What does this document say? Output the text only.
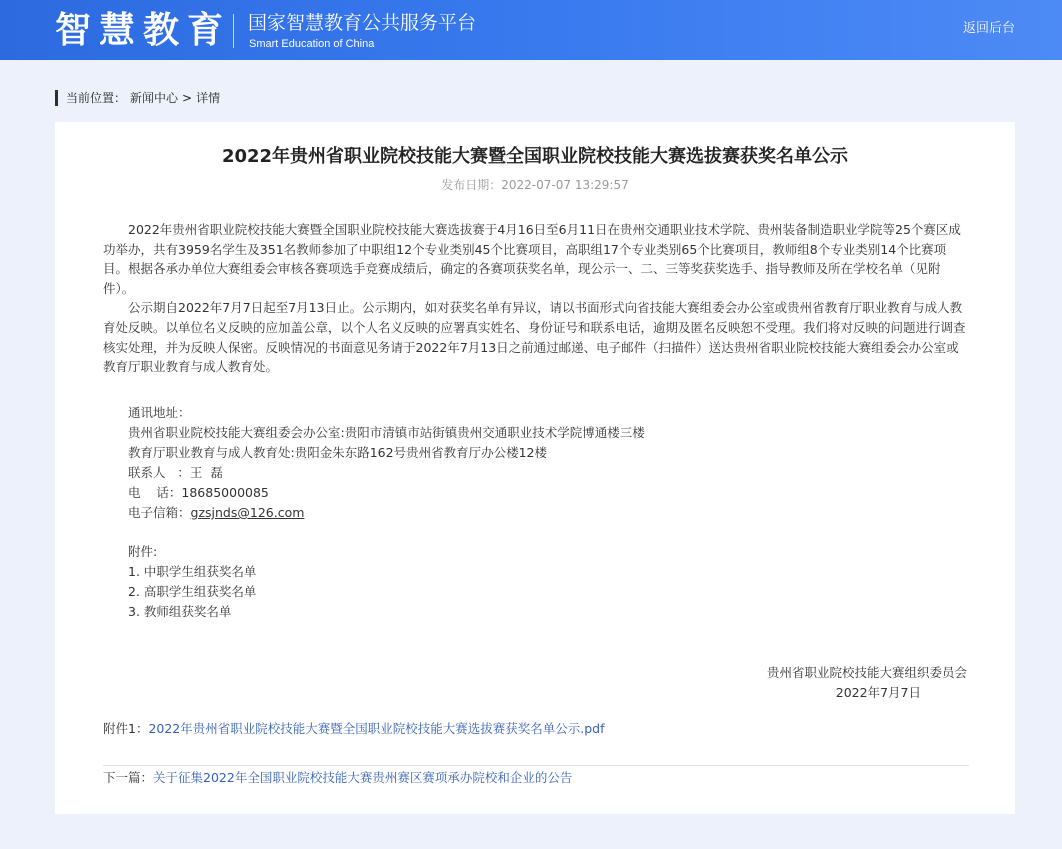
智慧教育 国家智慧教育公共服务平台
Smart Education of China
返回后台
当前位置： 新闻中心 > 详情
2022年贵州省职业院校技能大赛暨全国职业院校技能大赛选拔赛获奖名单公示
发布日期：2022-07-07 13:29:57

2022年贵州省职业院校技能大赛暨全国职业院校技能大赛选拔赛于4月16日至6月11日在贵州交通职业技术学院、贵州装备制造职业学院等25个赛区成功举办，共有3959名学生及351名教师参加了中职组12个专业类别45个比赛项目，高职组17个专业类别65个比赛项目，教师组8个专业类别14个比赛项目。根据各承办单位大赛组委会审核各赛项选手竞赛成绩后，确定的各赛项获奖名单，现公示一、二、三等奖获奖选手、指导教师及所在学校名单（见附件）。

公示期自2022年7月7日起至7月13日止。公示期内，如对获奖名单有异议，请以书面形式向省技能大赛组委会办公室或贵州省教育厅职业教育与成人教育处反映。以单位名义反映的应加盖公章，以个人名义反映的应署真实姓名、身份证号和联系电话，逾期及匿名反映恕不受理。我们将对反映的问题进行调查核实处理，并为反映人保密。反映情况的书面意见务请于2022年7月13日之前通过邮递、电子邮件（扫描件）送达贵州省职业院校技能大赛组委会办公室或教育厅职业教育与成人教育处。

通讯地址：
贵州省职业院校技能大赛组委会办公室:贵阳市清镇市站街镇贵州交通职业技术学院博通楼三楼
教育厅职业教育与成人教育处:贵阳金朱东路162号贵州省教育厅办公楼12楼
联系人   ：王  磊
电    话：18685000085
电子信箱：gzsjnds@126.com
附件:
1. 中职学生组获奖名单
2. 高职学生组获奖名单
3. 教师组获奖名单
贵州省职业院校技能大赛组织委员会
2022年7月7日
附件1：2022年贵州省职业院校技能大赛暨全国职业院校技能大赛选拔赛获奖名单公示.pdf
下一篇：关于征集2022年全国职业院校技能大赛贵州赛区赛项承办院校和企业的公告
